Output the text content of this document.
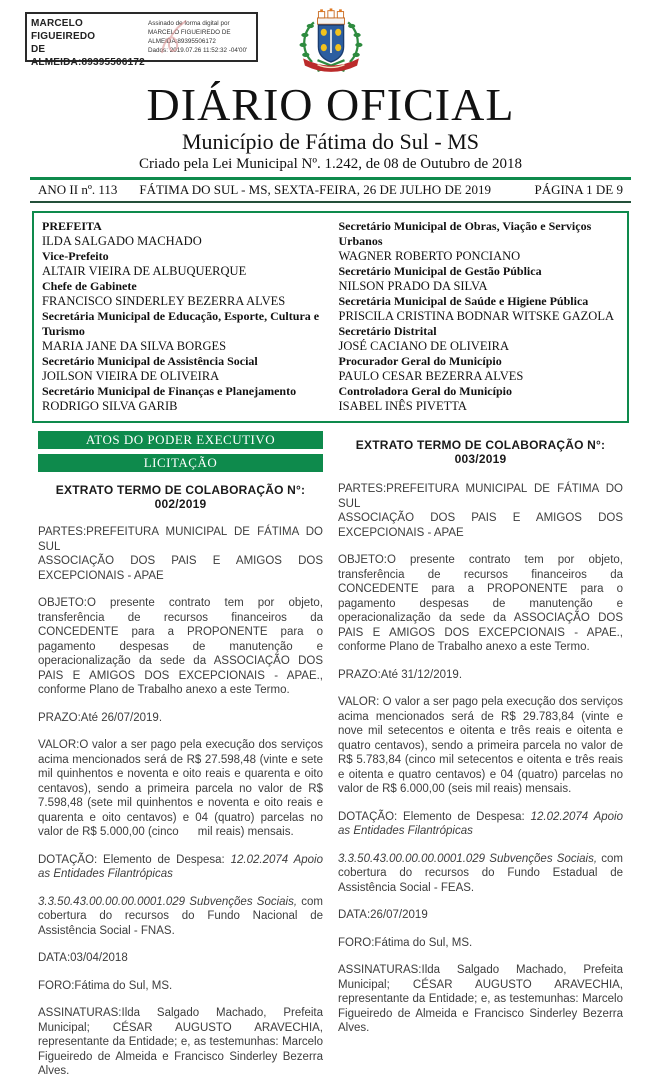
MARCELO FIGUEIREDO
DE
ALMEIDA:89395506172
Assinado de forma digital por
MARCELO FIGUEIREDO DE
ALMEIDA:89395506172
Dados: 2019.07.26 11:52:32 -04'00'
DIÁRIO OFICIAL
Município de Fátima do Sul - MS
Criado pela Lei Municipal Nº. 1.242, de 08 de Outubro de 2018
ANO II nº. 113 FÁTIMA DO SUL - MS, SEXTA-FEIRA, 26 DE JULHO DE 2019	PÁGINA 1 DE 9
PREFEITA
ILDA SALGADO MACHADO
Vice-Prefeito
ALTAIR VIEIRA DE ALBUQUERQUE
Chefe de Gabinete
FRANCISCO SINDERLEY BEZERRA ALVES
Secretária Municipal de Educação, Esporte, Cultura e Turismo
MARIA JANE DA SILVA BORGES
Secretário Municipal de Assistência Social
JOILSON VIEIRA DE OLIVEIRA
Secretário Municipal de Finanças e Planejamento
RODRIGO SILVA GARIB
Secretário Municipal de Obras, Viação e Serviços Urbanos
WAGNER ROBERTO PONCIANO
Secretário Municipal de Gestão Pública
NILSON PRADO DA SILVA
Secretária Municipal de Saúde e Higiene Pública
PRISCILA CRISTINA BODNAR WITSKE GAZOLA
Secretário Distrital
JOSÉ CACIANO DE OLIVEIRA
Procurador Geral do Município
PAULO CESAR BEZERRA ALVES
Controladora Geral do Município
ISABEL INÊS PIVETTA
ATOS DO PODER EXECUTIVO
LICITAÇÃO
EXTRATO TERMO DE COLABORAÇÃO N°: 002/2019
PARTES:PREFEITURA MUNICIPAL DE FÁTIMA DO SUL
ASSOCIAÇÃO DOS PAIS E AMIGOS DOS EXCEPCIONAIS - APAE
OBJETO:O presente contrato tem por objeto, transferência de recursos financeiros da CONCEDENTE para a PROPONENTE para o pagamento despesas de manutenção e operacionalização da sede da ASSOCIAÇÃO DOS PAIS E AMIGOS DOS EXCEPCIONAIS - APAE., conforme Plano de Trabalho anexo a este Termo.
PRAZO:Até 26/07/2019.
VALOR:O valor a ser pago pela execução dos serviços acima mencionados será de R$ 27.598,48 (vinte e sete mil quinhentos e noventa e oito reais e quarenta e oito centavos), sendo a primeira parcela no valor de R$ 7.598,48 (sete mil quinhentos e noventa e oito reais e quarenta e oito centavos) e 04 (quatro) parcelas no valor de R$ 5.000,00 (cinco      mil reais) mensais.
DOTAÇÃO: Elemento de Despesa: 12.02.2074 Apoio as Entidades Filantrópicas
3.3.50.43.00.00.00.0001.029 Subvenções Sociais, com cobertura do recursos do Fundo Nacional de Assistência Social - FNAS.
DATA:03/04/2018
FORO:Fátima do Sul, MS.
ASSINATURAS:Ilda Salgado Machado, Prefeita Municipal; CÉSAR AUGUSTO ARAVECHIA, representante da Entidade; e, as testemunhas: Marcelo Figueiredo de Almeida e Francisco Sinderley Bezerra Alves.
EXTRATO TERMO DE COLABORAÇÃO N°: 003/2019
PARTES:PREFEITURA MUNICIPAL DE FÁTIMA DO SUL
ASSOCIAÇÃO DOS PAIS E AMIGOS DOS EXCEPCIONAIS - APAE
OBJETO:O presente contrato tem por objeto, transferência de recursos financeiros da CONCEDENTE para a PROPONENTE para o pagamento despesas de manutenção e operacionalização da sede da ASSOCIAÇÃO DOS PAIS E AMIGOS DOS EXCEPCIONAIS - APAE., conforme Plano de Trabalho anexo a este Termo.
PRAZO:Até 31/12/2019.
VALOR: O valor a ser pago pela execução dos serviços acima mencionados será de R$ 29.783,84 (vinte e nove mil setecentos e oitenta e três reais e oitenta e quatro centavos), sendo a primeira parcela no valor de R$ 5.783,84 (cinco mil setecentos e oitenta e três reais e oitenta e quatro centavos) e 04 (quatro) parcelas no valor de R$ 6.000,00 (seis mil reais) mensais.
DOTAÇÃO: Elemento de Despesa: 12.02.2074 Apoio as Entidades Filantrópicas
3.3.50.43.00.00.00.0001.029 Subvenções Sociais, com cobertura do recursos do Fundo Estadual de Assistência Social - FEAS.
DATA:26/07/2019
FORO:Fátima do Sul, MS.
ASSINATURAS:Ilda Salgado Machado, Prefeita Municipal; CÉSAR AUGUSTO ARAVECHIA, representante da Entidade; e, as testemunhas: Marcelo Figueiredo de Almeida e Francisco Sinderley Bezerra Alves.
